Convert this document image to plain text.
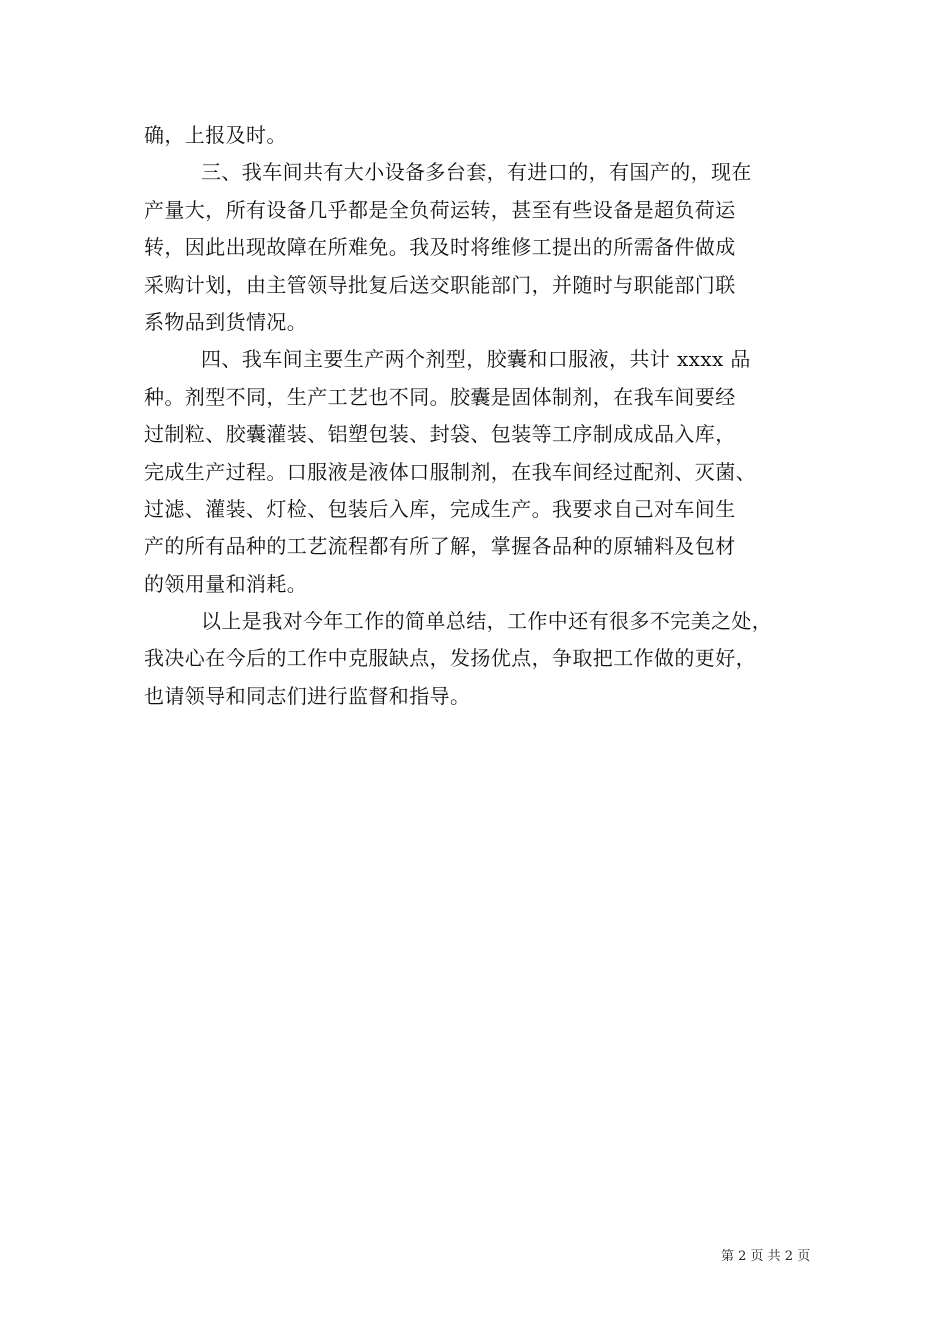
确，上报及时。
三、我车间共有大小设备多台套，有进口的，有国产的，现在
产量大，所有设备几乎都是全负荷运转，甚至有些设备是超负荷运
转，因此出现故障在所难免。我及时将维修工提出的所需备件做成
采购计划，由主管领导批复后送交职能部门，并随时与职能部门联
系物品到货情况。
四、我车间主要生产两个剂型，胶囊和口服液，共计 xxxx 品
种。剂型不同，生产工艺也不同。胶囊是固体制剂，在我车间要经
过制粒、胶囊灌装、铝塑包装、封袋、包装等工序制成成品入库，
完成生产过程。口服液是液体口服制剂，在我车间经过配剂、灭菌、
过滤、灌装、灯检、包装后入库，完成生产。我要求自己对车间生
产的所有品种的工艺流程都有所了解，掌握各品种的原辅料及包材
的领用量和消耗。
以上是我对今年工作的简单总结，工作中还有很多不完美之处，
我决心在今后的工作中克服缺点，发扬优点，争取把工作做的更好，
也请领导和同志们进行监督和指导。
第 2 页 共 2 页
